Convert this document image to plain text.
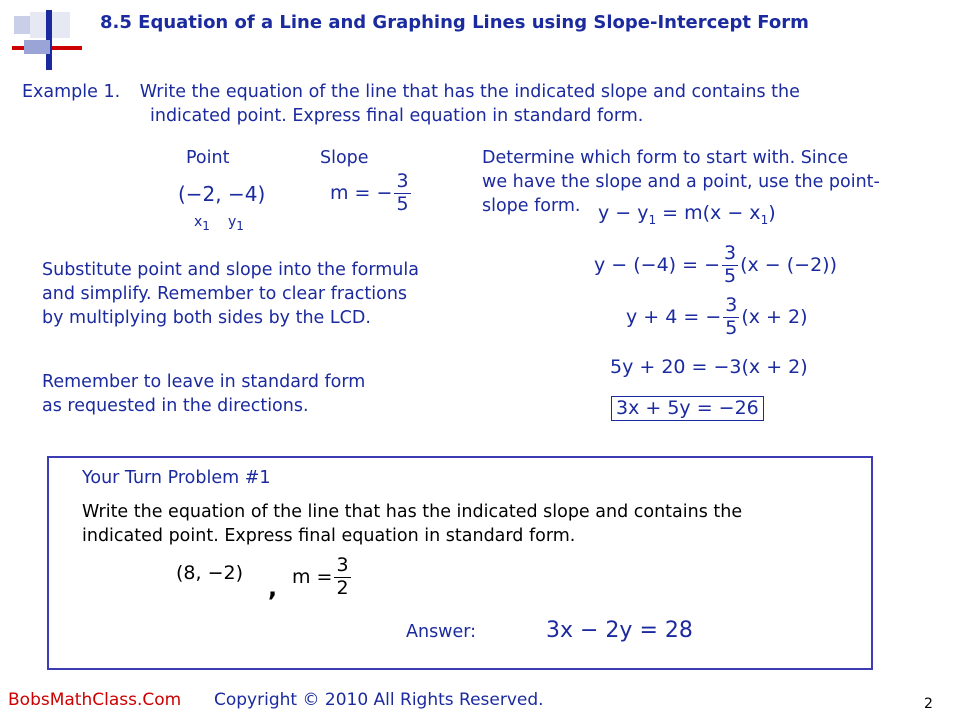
8.5 Equation of a Line and Graphing Lines using Slope-Intercept Form
Example 1. Write the equation of the line that has the indicated slope and contains the
indicated point. Express final equation in standard form.
Point	Slope
(−2, −4)
$x_1$ $y_1$
m = − $\frac{3}{5}$
Determine which form to start with. Since
we have the slope and a point, use the point-
slope form. $y - y_1 = m(x - x_1)$
Substitute point and slope into the formula
and simplify. Remember to clear fractions
by multiplying both sides by the LCD.
y − (−4) = − $\frac{3}{5} (x - (-2))$
y + 4 = − $\frac{3}{5} (x + 2)$
5y + 20 = −3(x + 2)
3x + 5y = −26
Remember to leave in standard form
as requested in the directions.
Your Turn Problem #1
Write the equation of the line that has the indicated slope and contains the
indicated point. Express final equation in standard form.
(8, −2)
, $m = \frac{3}{2}$
Answer:	3x − 2y = 28
BobsMathClass.Com Copyright © 2010 All Rights Reserved.	2
